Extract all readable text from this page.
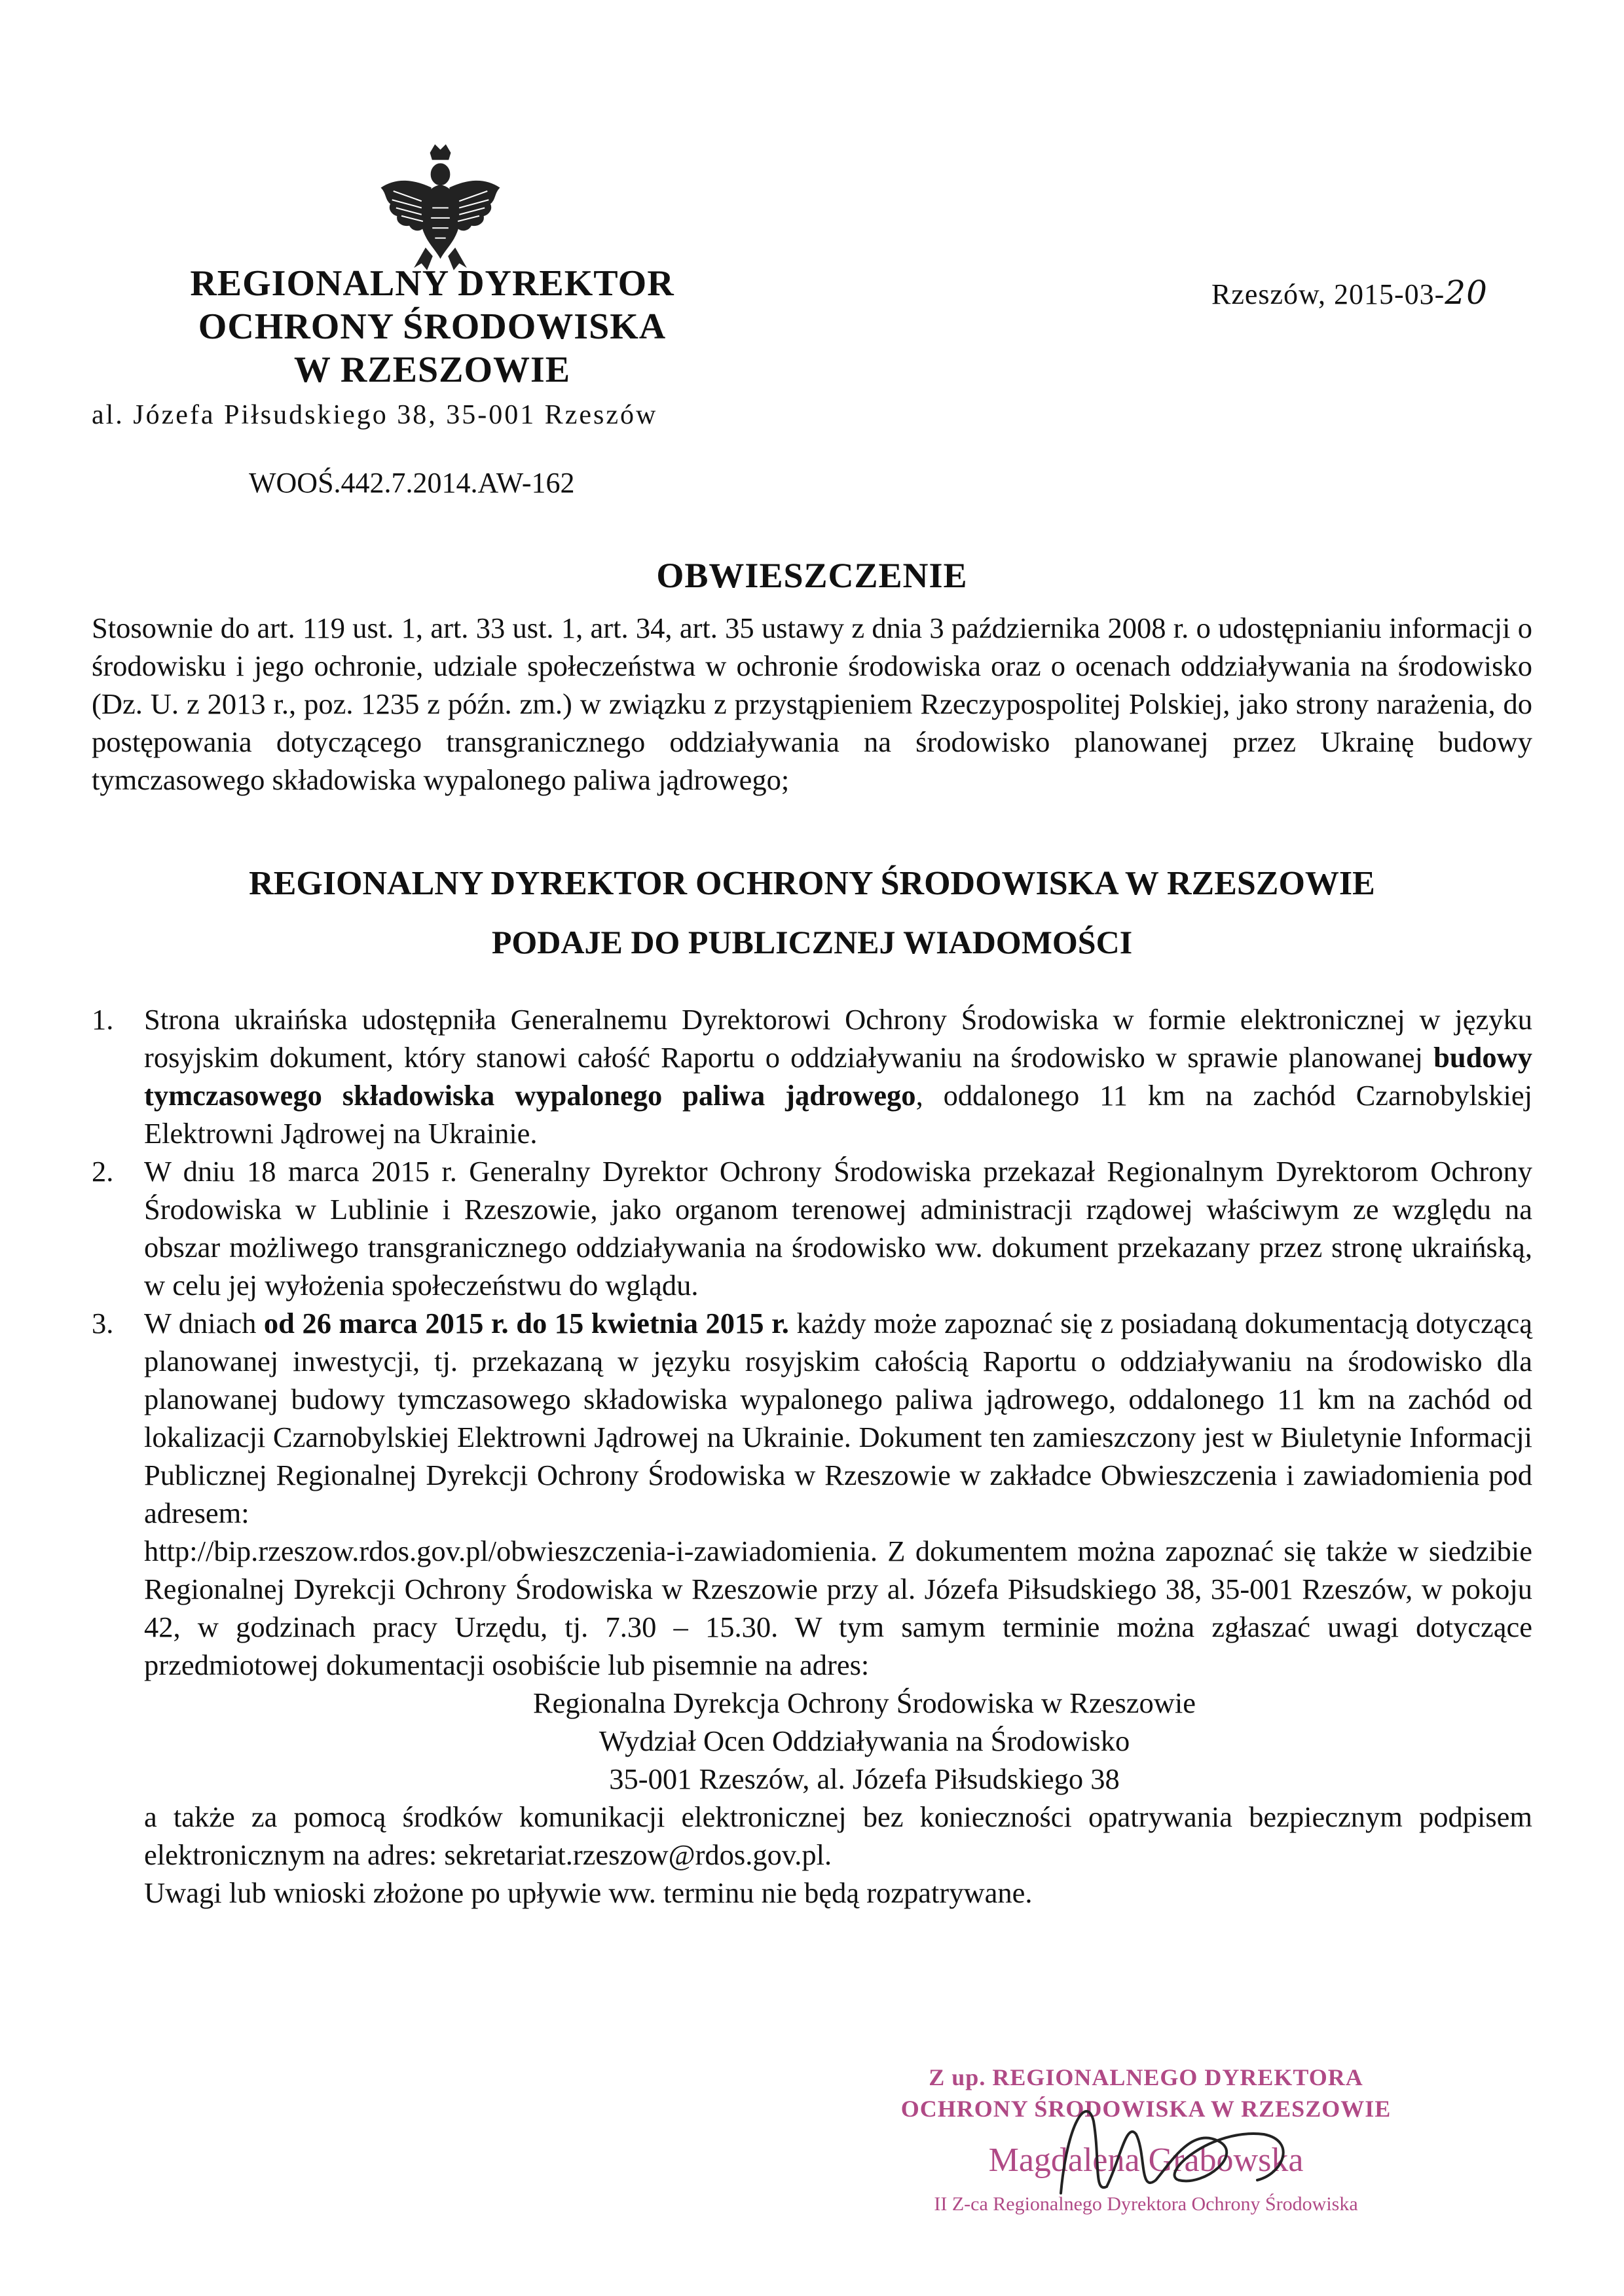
REGIONALNY DYREKTOR
OCHRONY ŚRODOWISKA
W RZESZOWIE
al. Józefa Piłsudskiego 38, 35-001 Rzeszów
Rzeszów, 2015-03-20
WOOŚ.442.7.2014.AW-162
OBWIESZCZENIE
Stosownie do art. 119 ust. 1, art. 33 ust. 1, art. 34, art. 35 ustawy z dnia 3 października 2008 r. o udostępnianiu informacji o środowisku i jego ochronie, udziale społeczeństwa w ochronie środowiska oraz o ocenach oddziaływania na środowisko (Dz. U. z 2013 r., poz. 1235 z późn. zm.) w związku z przystąpieniem Rzeczypospolitej Polskiej, jako strony narażenia, do postępowania dotyczącego transgranicznego oddziaływania na środowisko planowanej przez Ukrainę budowy tymczasowego składowiska wypalonego paliwa jądrowego;
REGIONALNY DYREKTOR OCHRONY ŚRODOWISKA W RZESZOWIE
PODAJE DO PUBLICZNEJ WIADOMOŚCI
1.	Strona ukraińska udostępniła Generalnemu Dyrektorowi Ochrony Środowiska w formie elektronicznej w języku rosyjskim dokument, który stanowi całość Raportu o oddziaływaniu na środowisko w sprawie planowanej budowy tymczasowego składowiska wypalonego paliwa jądrowego, oddalonego 11 km na zachód Czarnobylskiej Elektrowni Jądrowej na Ukrainie.
2.	W dniu 18 marca 2015 r. Generalny Dyrektor Ochrony Środowiska przekazał Regionalnym Dyrektorom Ochrony Środowiska w Lublinie i Rzeszowie, jako organom terenowej administracji rządowej właściwym ze względu na obszar możliwego transgranicznego oddziaływania na środowisko ww. dokument przekazany przez stronę ukraińską, w celu jej wyłożenia społeczeństwu do wglądu.
3.	W dniach od 26 marca 2015 r. do 15 kwietnia 2015 r. każdy może zapoznać się z posiadaną dokumentacją dotyczącą planowanej inwestycji, tj. przekazaną w języku rosyjskim całością Raportu o oddziaływaniu na środowisko dla planowanej budowy tymczasowego składowiska wypalonego paliwa jądrowego, oddalonego 11 km na zachód od lokalizacji Czarnobylskiej Elektrowni Jądrowej na Ukrainie. Dokument ten zamieszczony jest w Biuletynie Informacji Publicznej Regionalnej Dyrekcji Ochrony Środowiska w Rzeszowie w zakładce Obwieszczenia i zawiadomienia pod adresem:
http://bip.rzeszow.rdos.gov.pl/obwieszczenia-i-zawiadomienia. Z dokumentem można zapoznać się także w siedzibie Regionalnej Dyrekcji Ochrony Środowiska w Rzeszowie przy al. Józefa Piłsudskiego 38, 35-001 Rzeszów, w pokoju 42, w godzinach pracy Urzędu, tj. 7.30 – 15.30. W tym samym terminie można zgłaszać uwagi dotyczące przedmiotowej dokumentacji osobiście lub pisemnie na adres:
Regionalna Dyrekcja Ochrony Środowiska w Rzeszowie
Wydział Ocen Oddziaływania na Środowisko
35-001 Rzeszów, al. Józefa Piłsudskiego 38
a także za pomocą środków komunikacji elektronicznej bez konieczności opatrywania bezpiecznym podpisem elektronicznym na adres: sekretariat.rzeszow@rdos.gov.pl.
Uwagi lub wnioski złożone po upływie ww. terminu nie będą rozpatrywane.
Z up. REGIONALNEGO DYREKTORA
OCHRONY ŚRODOWISKA W RZESZOWIE
Magdalena Grabowska
II Z-ca Regionalnego Dyrektora Ochrony Środowiska
